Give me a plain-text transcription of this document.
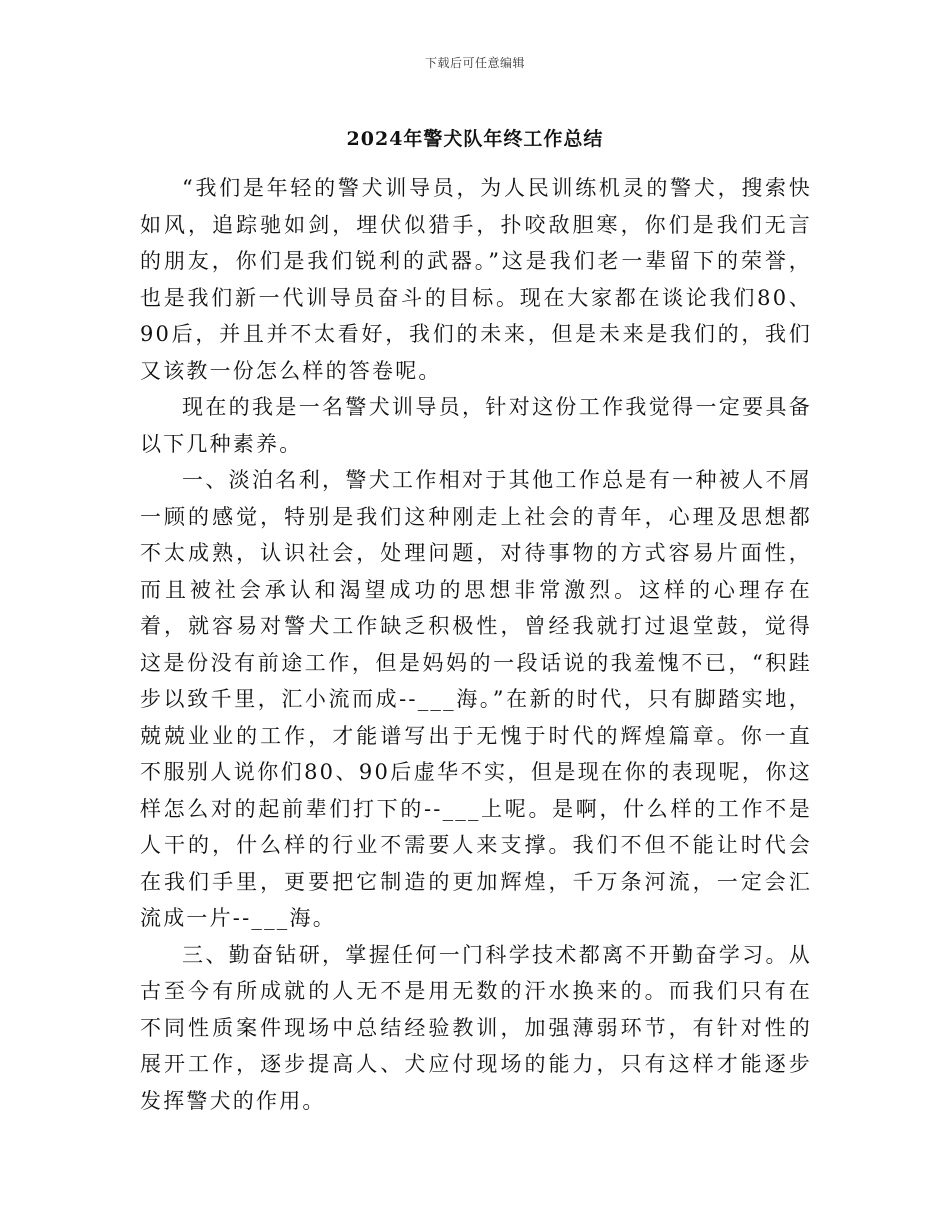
下载后可任意编辑
2024年警犬队年终工作总结

“我们是年轻的警犬训导员，为人民训练机灵的警犬，搜索快如风，追踪驰如剑，埋伏似猎手，扑咬敌胆寒，你们是我们无言的朋友，你们是我们锐利的武器。”这是我们老一辈留下的荣誉，也是我们新一代训导员奋斗的目标。现在大家都在谈论我们80、90后，并且并不太看好，我们的未来，但是未来是我们的，我们又该教一份怎么样的答卷呢。

现在的我是一名警犬训导员，针对这份工作我觉得一定要具备以下几种素养。

一、淡泊名利，警犬工作相对于其他工作总是有一种被人不屑一顾的感觉，特别是我们这种刚走上社会的青年，心理及思想都不太成熟，认识社会，处理问题，对待事物的方式容易片面性，而且被社会承认和渴望成功的思想非常激烈。这样的心理存在着，就容易对警犬工作缺乏积极性，曾经我就打过退堂鼓，觉得这是份没有前途工作，但是妈妈的一段话说的我羞愧不已，“积跬步以致千里，汇小流而成--___海。”在新的时代，只有脚踏实地，兢兢业业的工作，才能谱写出于无愧于时代的辉煌篇章。你一直不服别人说你们80、90后虚华不实，但是现在你的表现呢，你这样怎么对的起前辈们打下的--___上呢。是啊，什么样的工作不是人干的，什么样的行业不需要人来支撑。我们不但不能让时代会在我们手里，更要把它制造的更加辉煌，千万条河流，一定会汇流成一片--___海。

三、勤奋钻研，掌握任何一门科学技术都离不开勤奋学习。从古至今有所成就的人无不是用无数的汗水换来的。而我们只有在不同性质案件现场中总结经验教训，加强薄弱环节，有针对性的展开工作，逐步提高人、犬应付现场的能力，只有这样才能逐步发挥警犬的作用。
